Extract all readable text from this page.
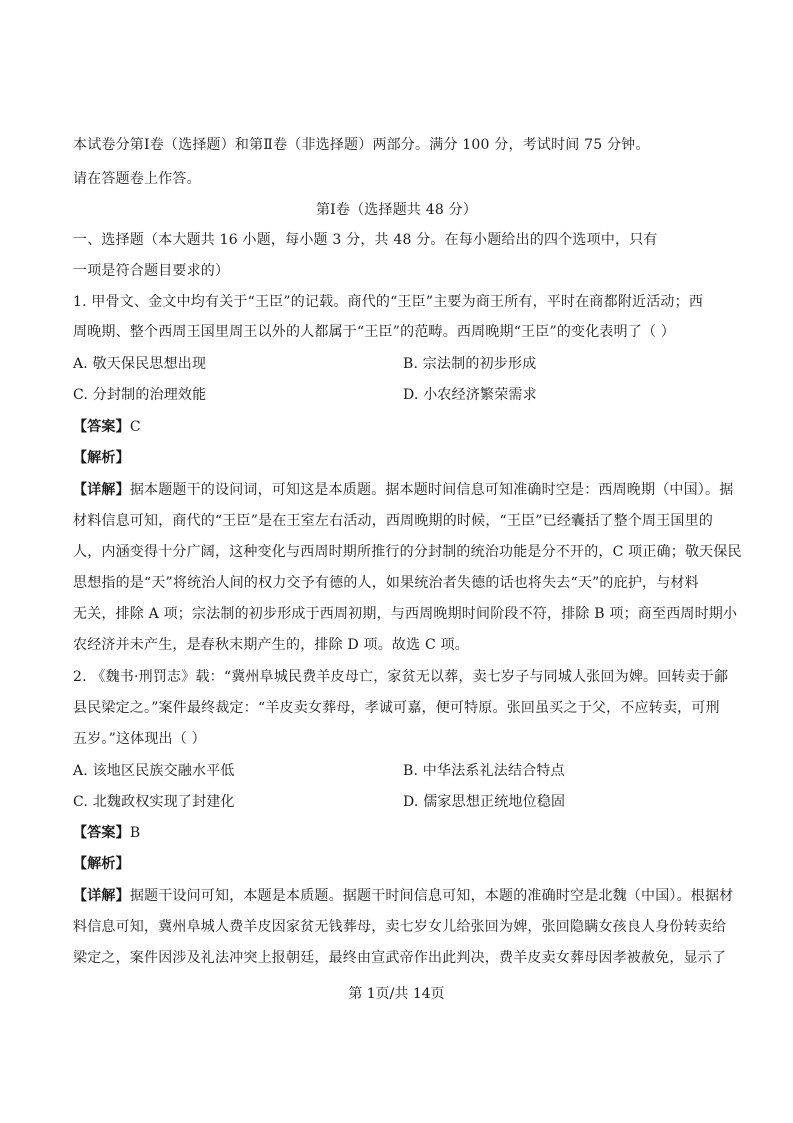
本试卷分第Ⅰ卷（选择题）和第Ⅱ卷（非选择题）两部分。满分 100 分，考试时间 75 分钟。
请在答题卷上作答。
第Ⅰ卷（选择题共 48 分）
一、选择题（本大题共 16 小题，每小题 3 分，共 48 分。在每小题给出的四个选项中，只有
一项是符合题目要求的）
1. 甲骨文、金文中均有关于“王臣”的记载。商代的“王臣”主要为商王所有，平时在商都附近活动；西
周晚期、整个西周王国里周王以外的人都属于“王臣”的范畴。西周晚期“王臣”的变化表明了（ ）
A. 敬天保民思想出现	B. 宗法制的初步形成
C. 分封制的治理效能	D. 小农经济繁荣需求
【答案】C
【解析】
【详解】据本题题干的设问词，可知这是本质题。据本题时间信息可知准确时空是：西周晚期（中国）。据
材料信息可知，商代的“王臣”是在王室左右活动，西周晚期的时候，“王臣”已经囊括了整个周王国里的
人，内涵变得十分广阔，这种变化与西周时期所推行的分封制的统治功能是分不开的，C 项正确；敬天保民
思想指的是“天”将统治人间的权力交予有德的人，如果统治者失德的话也将失去“天”的庇护，与材料
无关，排除 A 项；宗法制的初步形成于西周初期，与西周晚期时间阶段不符，排除 B 项；商至西周时期小
农经济并未产生，是春秋末期产生的，排除 D 项。故选 C 项。
2. 《魏书·刑罚志》载：“冀州阜城民费羊皮母亡，家贫无以葬，卖七岁子与同城人张回为婢。回转卖于鄃
县民梁定之。”案件最终裁定：“羊皮卖女葬母，孝诚可嘉，便可特原。张回虽买之于父，不应转卖，可刑
五岁。”这体现出（ ）
A. 该地区民族交融水平低	B. 中华法系礼法结合特点
C. 北魏政权实现了封建化	D. 儒家思想正统地位稳固
【答案】B
【解析】
【详解】据题干设问可知，本题是本质题。据题干时间信息可知，本题的准确时空是北魏（中国）。根据材
料信息可知，冀州阜城人费羊皮因家贫无钱葬母，卖七岁女儿给张回为婢，张回隐瞒女孩良人身份转卖给
梁定之，案件因涉及礼法冲突上报朝廷，最终由宣武帝作出此判决，费羊皮卖女葬母因孝被赦免，显示了
第 1页/共 14页
